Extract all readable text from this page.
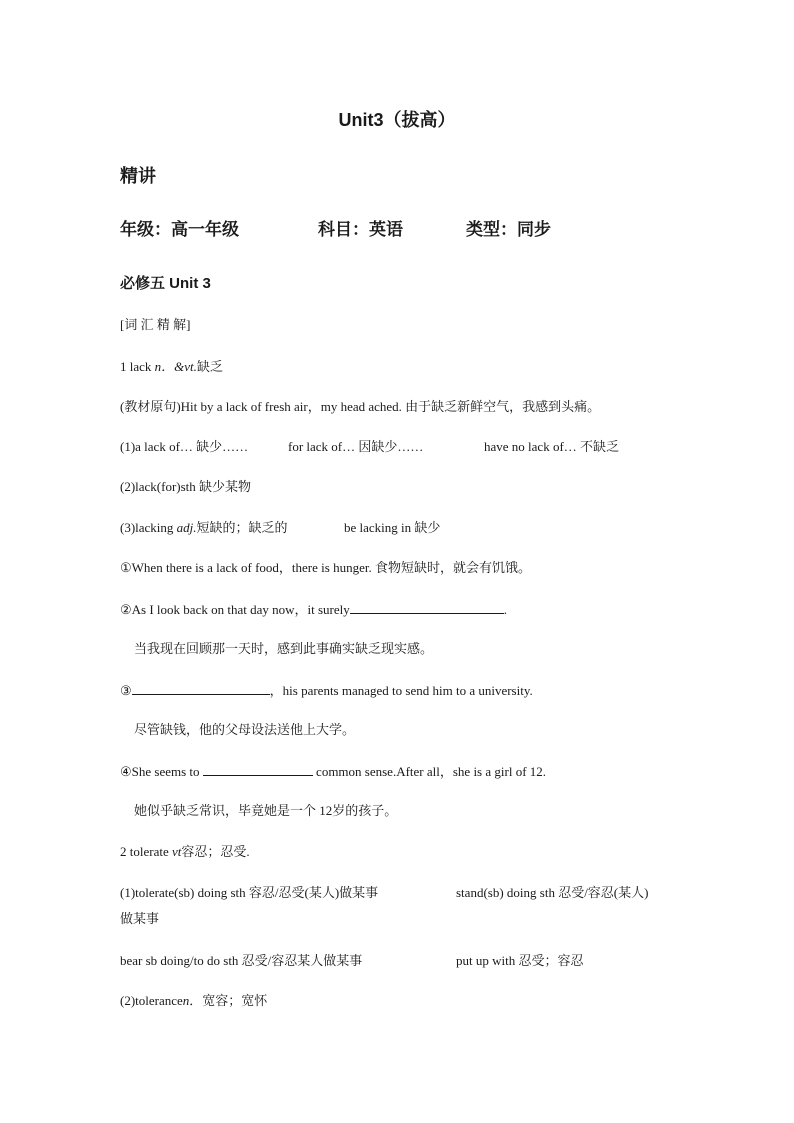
Unit3（拔高）
精讲
年级：高一年级	科目：英语	类型：同步
必修五 Unit 3
[词 汇 精 解]
1 lack n．&vt.缺乏
(教材原句)Hit by a lack of fresh air，my head ached. 由于缺乏新鲜空气，我感到头痛。
(1)a lack of… 缺少……	for lack of… 因缺少……	have no lack of… 不缺乏
(2)lack(for)sth 缺少某物
(3)lacking adj.短缺的；缺乏的	be lacking in 缺少
①When there is a lack of food，there is hunger. 食物短缺时，就会有饥饿。
②As I look back on that day now，it surely	.
当我现在回顾那一天时，感到此事确实缺乏现实感。
③	，his parents managed to send him to a university.
尽管缺钱，他的父母设法送他上大学。
④She seems to	common sense.After all，she is a girl of 12.
她似乎缺乏常识，毕竟她是一个 12岁的孩子。
2 tolerate vt容忍；忍受.
(1)tolerate(sb) doing sth 容忍/忍受(某人)做某事	stand(sb) doing sth 忍受/容忍(某人)
做某事
bear sb doing/to do sth 忍受/容忍某人做某事	put up with 忍受；容忍
(2)tolerancen．宽容；宽怀
